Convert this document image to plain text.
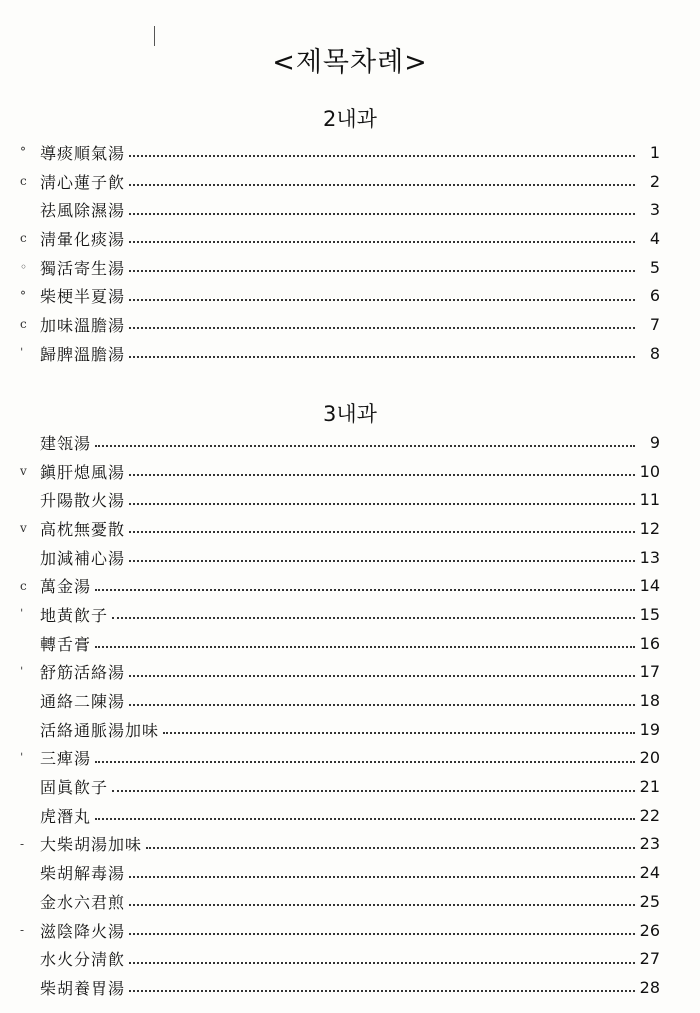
<제목차례>
2내과
° 導痰順氣湯	1
c 淸心蓮子飮	2
祛風除濕湯	3
c 淸暈化痰湯	4
◦ 獨活寄生湯	5
° 柴梗半夏湯	6
c 加味溫膽湯	7
ˈ	歸脾溫膽湯	8
3내과
建瓴湯	9
v 鎭肝熄風湯	10
升陽散火湯	11
v 高枕無憂散	12
加減補心湯	13
c 萬金湯	14
ˈ	地黃飮子	15
轉舌膏	16
ˈ	舒筋活絡湯	17
通絡二陳湯	18
活絡通脈湯加味	19
ˈ	三痺湯	20
固眞飮子	21
虎潛丸	22
- 大柴胡湯加味	23
柴胡解毒湯	24
金水六君煎	25
- 滋陰降火湯	26
水火分淸飮	27
柴胡養胃湯	28
